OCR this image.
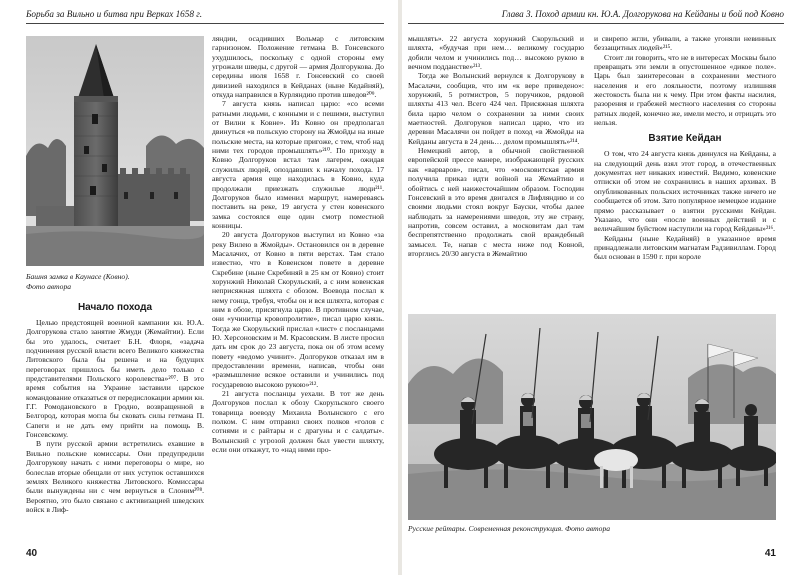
Борьба за Вильно и битва при Верках 1658 г.
Башня замка в Каунасе (Ковно).
Фото автора
Начало похода

Целью предстоящей военной кампании кн. Ю.А. Долгорукова стало занятие Жмуди (Жемайтии). Если бы это удалось, считает Б.Н. Флоря, «задача подчинения русской власти всего Великого княжества Литовского была бы решена и на будущих переговорах пришлось бы иметь дело только с представителями Польского королевства»²⁰⁷. В это время события на Украине заставили царское командование отказаться от передислокации армии кн. Г.Г. Ромодановского в Гродно, возвращенной в Белгород, которая могла бы сковать силы гетмана П. Сапеги и не дать ему прийти на помощь В. Гонсевскому.

В пути русской армии встретились ехавшие в Вильно польские комиссары. Они предупредили Долгорукову начать с ними переговоры о мире, но болеслав вторые обещали от них уступок оставшихся землях Великого княжества Литовского. Комиссары были вынуждены ни с чем вернуться в Слоним²⁰⁸. Вероятно, это было связано с активизацией шведских войск в Лиф-

ляндии, осадивших Вольмар с литовским гарнизоном. Положение гетмана В. Гонсевского ухудшилось, поскольку с одной стороны ему угрожали шведы, с другой — армия Долгорукова. До середины июля 1658 г. Гонсевский со своей дивизией находился в Кейданах (ныне Кедайняй), откуда направился в Курляндию против шведов²⁰⁹.

7 августа князь написал царю: «со всеми ратными людьми, с конными и с пешими, выступил от Вилни к Ковне». Из Ковно он предполагал двинуться «в польскую сторону на Жмойды на иные польские места, на которые пригоже, с тем, чтоб над ними тех городов промышлять»²¹⁰. По приходу в Ковно Долгоруков встал там лагерем, ожидая служилых людей, опоздавших к началу похода. 17 августа армия еще находилась в Ковно, куда продолжали приезжать служилые люди²¹¹. Долгоруков было изменил маршрут, намереваясь поставить на реке, 19 августа у стен ковенского замка состоялся еще один смотр поместной конницы.

20 августа Долгоруков выступил из Ковно «за реку Вилею в Жмойды». Остановился он в деревне Масалачих, от Ковно в пяти верстах. Там стало известно, что в Ковенском повете в деревне Скребине (ныне Скребиняй в 25 км от Ковно) стоит хорунжий Николай Скорульский, а с ним ковенская неприсяжная шляхта с обозом. Воевода послал к нему гонца, требуя, чтобы он и вся шляхта, которая с ним в обозе, присягнула царю. В противном случае, они «учинитца кровопролитие», писал царю князь. Тогда же Скорульский прислал «лист» с посланцами Ю. Херсоновским и М. Красовским. В листе просил дать им срок до 23 августа, пока он об этом всему повету «ведомо учинит». Долгоруков отказал им в предоставлении времени, написав, чтобы они «размышление всякое оставили и учинились под государевою высокою рукою»²¹².

21 августа посланцы уехали. В тот же день Долгоруков послал к обозу Скорульского своего товарища воеводу Михаила Волынского с его полком. С ним отправил своих полков «голов с сотнями и с райтары и с драгуны и с салдаты». Волынский с угрозой должен был увести шляхту, если они откажут, то «над ними про-

40
Глава 3. Поход армии кн. Ю.А. Долгорукова на Кейданы и бой под Ковно

мышлять». 22 августа хорунжий Скорульский и шляхта, «будучая при нем… великому государю добили челом и учинились под… высокою рукою в вечном подданстве»²¹³.

Тогда же Волынский вернулся к Долгорукову в Масалачи, сообщив, что им «к вере приведено»: хорунжий, 5 ротмистров, 5 поручиков, рядовой шляхты 413 чел. Всего 424 чел. Присяжная шляхта била царю челом о сохранении за ними своих маетностей. Долгоруков написал царю, что из деревни Масалячи он пойдет в поход «в Жмойды на Кейданы августа в 24 день… делом промышлять»²¹⁴.

Немецкий автор, в обычной свойственной европейской прессе манере, изображающей русских как «варваров», писал, что «московитская армия получила приказ идти войной на Жемайтию и обойтись с ней наижесточайшим образом. Господин Гонсевский в это время двигался в Лифляндию и со своими людьми стоял вокруг Бауски, чтобы далее наблюдать за намерениями шведов, эту же страну, напротив, совсем оставил, а московитам дал там беспрепятственно продолжать свой враждебный замысел. Те, напав с места ниже под Ковной, вторглись 20/30 августа в Жемайтию

и свирепо жгли, убивали, а также угоняли невинных беззащитных людей»²¹⁵.

Стоит ли говорить, что не в интересах Москвы было превращать эти земли в опустошенное «дикое поле». Царь был заинтересован в сохранении местного населения и его лояльности, поэтому излишняя жестокость была ни к чему. При этом факты насилия, разорения и грабежей местного населения со стороны ратных людей, конечно же, имели место, и отрицать это нельзя.

Взятие Кейдан

О том, что 24 августа князь двинулся на Кейданы, а на следующий день взял этот город, в отечественных документах нет никаких известий. Видимо, ковенские отписки об этом не сохранились в наших архивах. В опубликованных польских источниках также ничего не сообщается об этом. Зато популярное немецкое издание прямо рассказывает о взятии русскими Кейдан. Указано, что они «после военных действий и с величайшим буйством наступили на город Кейданы»²¹⁶.

Кейданы (ныне Кедайняй) в указанное время принадлежали литовским магнатам Радзивиллам. Город был основан в 1590 г. при короле

Русские рейтары. Современная реконструкция. Фото автора
41
